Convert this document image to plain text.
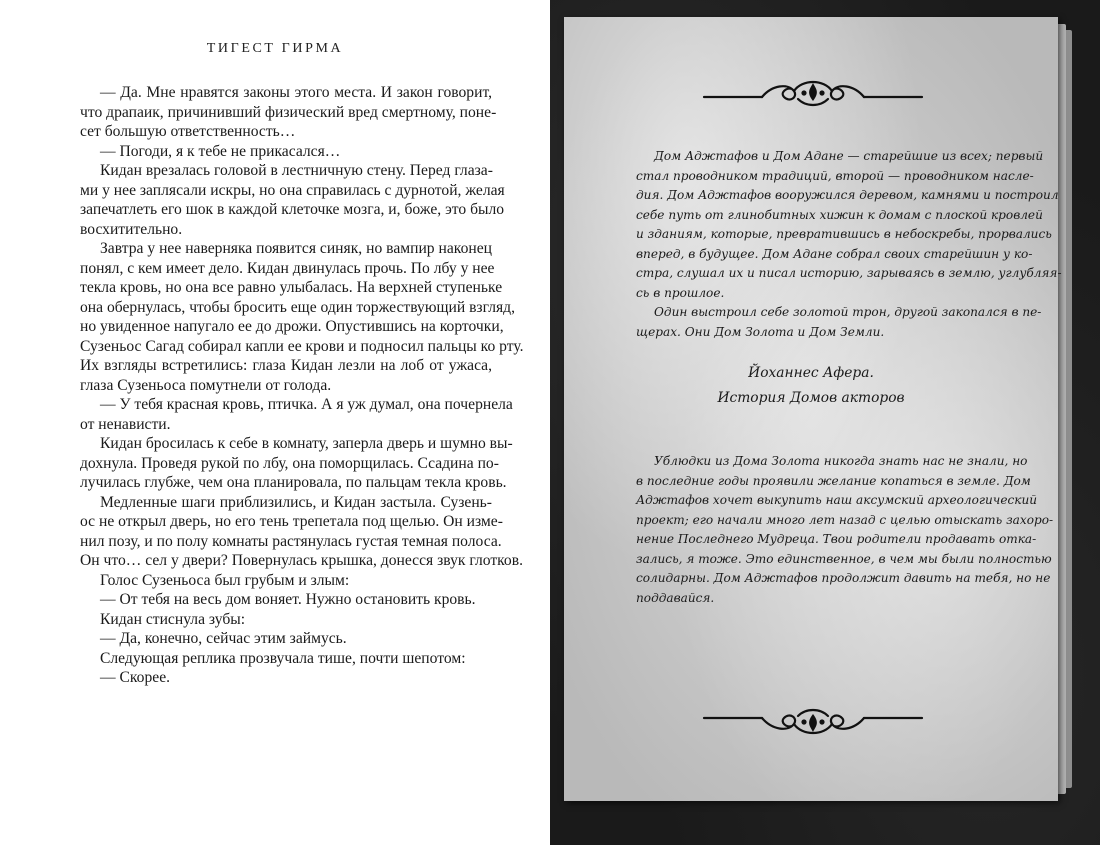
ТИГЕСТ ГИРМА
— Да. Мне нравятся законы этого места. И закон говорит,
что драпаик, причинивший физический вред смертному, поне-
сет большую ответственность…
— Погоди, я к тебе не прикасался…
Кидан врезалась головой в лестничную стену. Перед глаза-
ми у нее заплясали искры, но она справилась с дурнотой, желая
запечатлеть его шок в каждой клеточке мозга, и, боже, это было
восхитительно.
Завтра у нее наверняка появится синяк, но вампир наконец
понял, с кем имеет дело. Кидан двинулась прочь. По лбу у нее
текла кровь, но она все равно улыбалась. На верхней ступеньке
она обернулась, чтобы бросить еще один торжествующий взгляд,
но увиденное напугало ее до дрожи. Опустившись на корточки,
Сузеньос Сагад собирал капли ее крови и подносил пальцы ко рту.
Их взгляды встретились: глаза Кидан лезли на лоб от ужаса,
глаза Сузеньоса помутнели от голода.
— У тебя красная кровь, птичка. А я уж думал, она почернела
от ненависти.
Кидан бросилась к себе в комнату, заперла дверь и шумно вы-
дохнула. Проведя рукой по лбу, она поморщилась. Ссадина по-
лучилась глубже, чем она планировала, по пальцам текла кровь.
Медленные шаги приблизились, и Кидан застыла. Сузень-
ос не открыл дверь, но его тень трепетала под щелью. Он изме-
нил позу, и по полу комнаты растянулась густая темная полоса.
Он что… сел у двери? Повернулась крышка, донесся звук глотков.
Голос Сузеньоса был грубым и злым:
— От тебя на весь дом воняет. Нужно остановить кровь.
Кидан стиснула зубы:
— Да, конечно, сейчас этим займусь.
Следующая реплика прозвучала тише, почти шепотом:
— Скорее.
Дом Аджтафов и Дом Адане — старейшие из всех; первый
стал проводником традиций, второй — проводником насле-
дия. Дом Аджтафов вооружился деревом, камнями и построил
себе путь от глинобитных хижин к домам с плоской кровлей
и зданиям, которые, превратившись в небоскребы, прорвались
вперед, в будущее. Дом Адане собрал своих старейшин у ко-
стра, слушал их и писал историю, зарываясь в землю, углубляя-
сь в прошлое.
Один выстроил себе золотой трон, другой закопался в пе-
щерах. Они Дом Золота и Дом Земли.
Йоханнес Афера.
История Домов акторов
Ублюдки из Дома Золота никогда знать нас не знали, но
в последние годы проявили желание копаться в земле. Дом
Аджтафов хочет выкупить наш аксумский археологический
проект; его начали много лет назад с целью отыскать захоро-
нение Последнего Мудреца. Твои родители продавать отка-
зались, я тоже. Это единственное, в чем мы были полностью
солидарны. Дом Аджтафов продолжит давить на тебя, но не
поддавайся.
